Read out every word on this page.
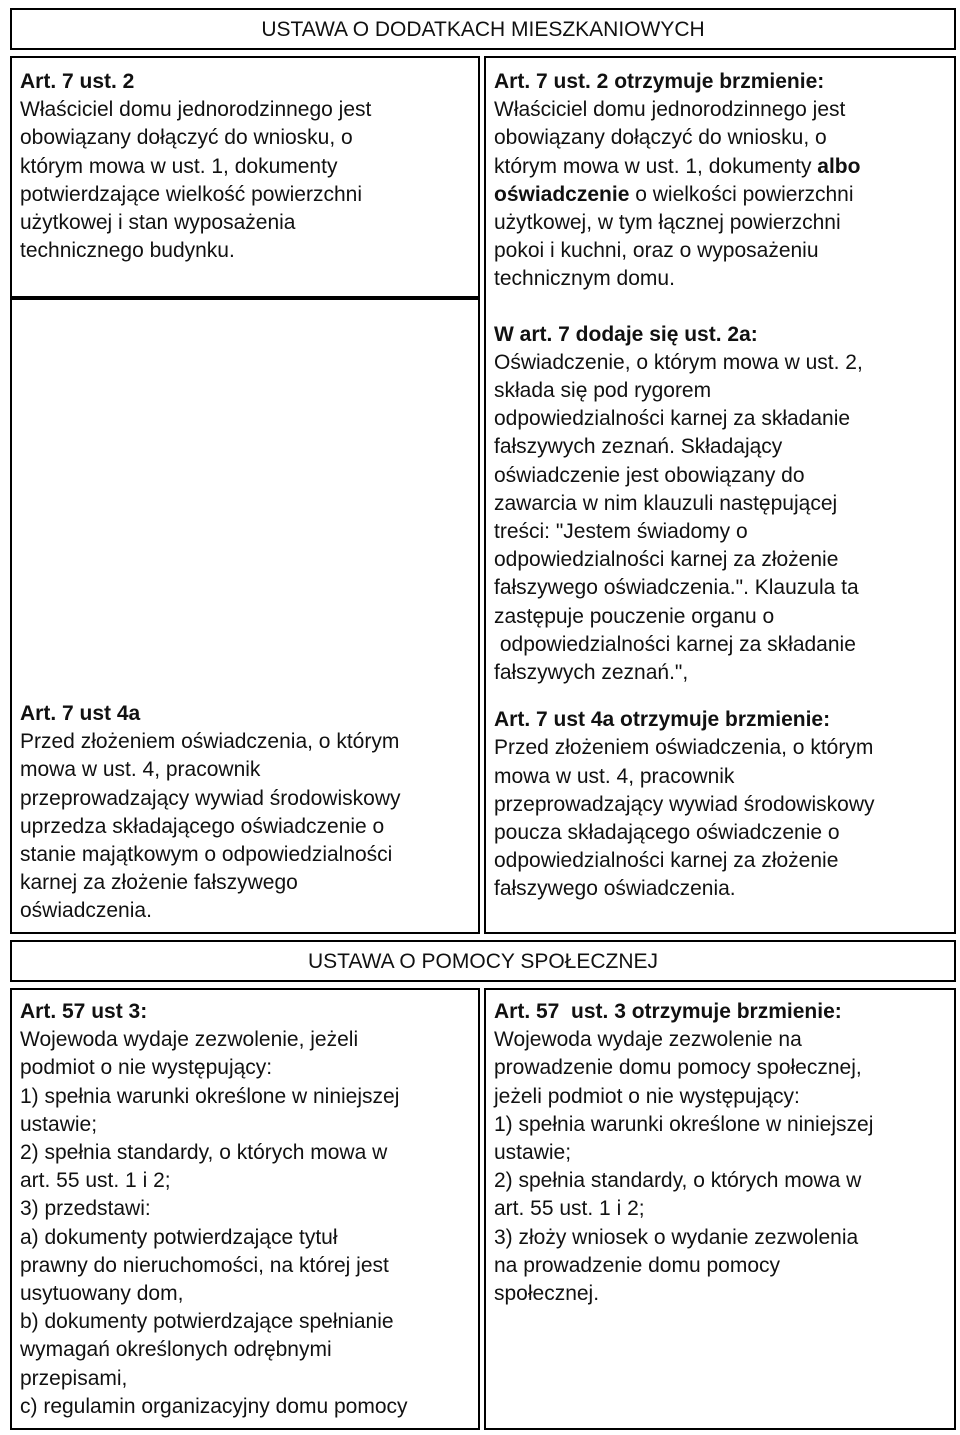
USTAWA O DODATKACH MIESZKANIOWYCH
Art. 7 ust. 2
Właściciel domu jednorodzinnego jest
obowiązany dołączyć do wniosku, o
którym mowa w ust. 1, dokumenty
potwierdzające wielkość powierzchni
użytkowej i stan wyposażenia
technicznego budynku.
Art. 7 ust 4a
Przed złożeniem oświadczenia, o którym
mowa w ust. 4, pracownik
przeprowadzający wywiad środowiskowy
uprzedza składającego oświadczenie o
stanie majątkowym o odpowiedzialności
karnej za złożenie fałszywego
oświadczenia.
Art. 7 ust. 2 otrzymuje brzmienie:
Właściciel domu jednorodzinnego jest
obowiązany dołączyć do wniosku, o
którym mowa w ust. 1, dokumenty albo
oświadczenie o wielkości powierzchni
użytkowej, w tym łącznej powierzchni
pokoi i kuchni, oraz o wyposażeniu
technicznym domu.
W art. 7 dodaje się ust. 2a:
Oświadczenie, o którym mowa w ust. 2,
składa się pod rygorem
odpowiedzialności karnej za składanie
fałszywych zeznań. Składający
oświadczenie jest obowiązany do
zawarcia w nim klauzuli następującej
treści: "Jestem świadomy o
odpowiedzialności karnej za złożenie
fałszywego oświadczenia.". Klauzula ta
zastępuje pouczenie organu o
odpowiedzialności karnej za składanie
fałszywych zeznań.",
Art. 7 ust 4a otrzymuje brzmienie:
Przed złożeniem oświadczenia, o którym
mowa w ust. 4, pracownik
przeprowadzający wywiad środowiskowy
poucza składającego oświadczenie o
odpowiedzialności karnej za złożenie
fałszywego oświadczenia.
USTAWA O POMOCY SPOŁECZNEJ
Art. 57 ust 3:
Wojewoda wydaje zezwolenie, jeżeli
podmiot o nie występujący:
1) spełnia warunki określone w niniejszej
ustawie;
2) spełnia standardy, o których mowa w
art. 55 ust. 1 i 2;
3) przedstawi:
a) dokumenty potwierdzające tytuł
prawny do nieruchomości, na której jest
usytuowany dom,
b) dokumenty potwierdzające spełnianie
wymagań określonych odrębnymi
przepisami,
c) regulamin organizacyjny domu pomocy
Art. 57  ust. 3 otrzymuje brzmienie:
Wojewoda wydaje zezwolenie na
prowadzenie domu pomocy społecznej,
jeżeli podmiot o nie występujący:
1) spełnia warunki określone w niniejszej
ustawie;
2) spełnia standardy, o których mowa w
art. 55 ust. 1 i 2;
3) złoży wniosek o wydanie zezwolenia
na prowadzenie domu pomocy
społecznej.
